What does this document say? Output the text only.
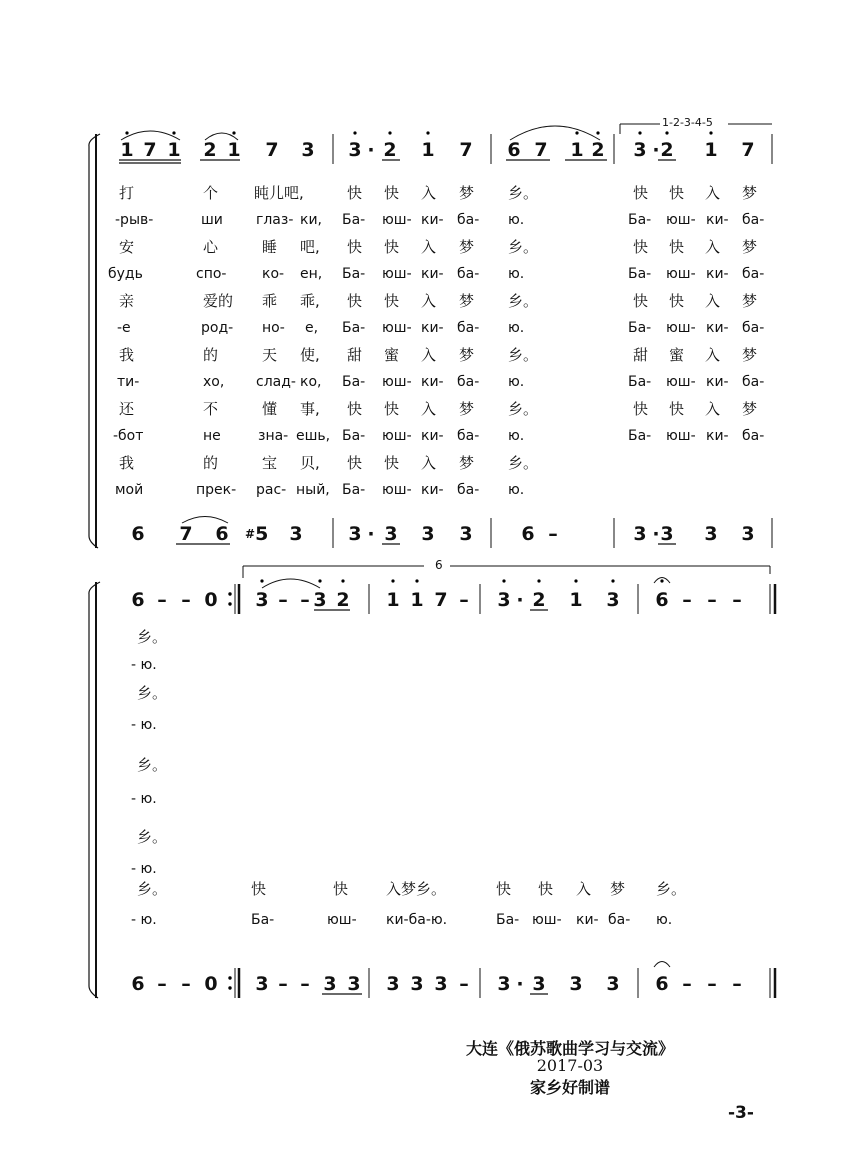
1-2-3-4-5
1 7 1 2 1 7 3 3 · 2 1 7 6 7 1 2 3 · 2 1 7
打	个 盹儿吧,	快 快 入 梦 乡。	快 快 入 梦
-рыв-	ши глаз- ки, Ба- юш- ки- ба- ю.	Ба- юш- ки- ба-
安	心	睡 吧, 快 快 入 梦 乡。	快 快 入 梦
будь	спо-	ко- ен, Ба- юш- ки- ба- ю.	Ба- юш- ки- ба-
亲	爱的 乖 乖, 快 快 入 梦 乡。	快 快 入 梦
-е	род- но- е, Ба- юш- ки- ба- ю.	Ба- юш- ки- ба-
我	的	天 使, 甜 蜜 入 梦 乡。	甜 蜜 入 梦
ти-	хо, слад- ко, Ба- юш- ки- ба- ю.	Ба- юш- ки- ба-
还	不	懂 事, 快 快 入 梦 乡。	快 快 入 梦
-бот	не	зна- ешь, Ба- юш- ки- ба- ю.	Ба- юш- ки- ба-
我	的	宝 贝, 快 快 入 梦 乡。
мой	прек- рас- ный, Ба- юш- ки- ба- ю.
6 7 6	#5 3 3 · 3 3 3	6 –	3 · 3 3 3
6
6 – – 0 3 – – 3 2 1 1 7 –	3 · 2 1 3 6 – – –
乡。
- ю.
乡。
- ю.
乡。
- ю.
乡。
- ю.
乡。	快	快	入梦乡。	快 快 入 梦 乡。
- ю.	Ба-	юш- ки-ба-ю.	Ба- юш- ки- ба- ю.
6 – – 0 3 – – 3 3 3 3 3 –	3 · 3 3 3 6 – – –
大连《俄苏歌曲学习与交流》
2017-03
家乡好制谱
-3-
